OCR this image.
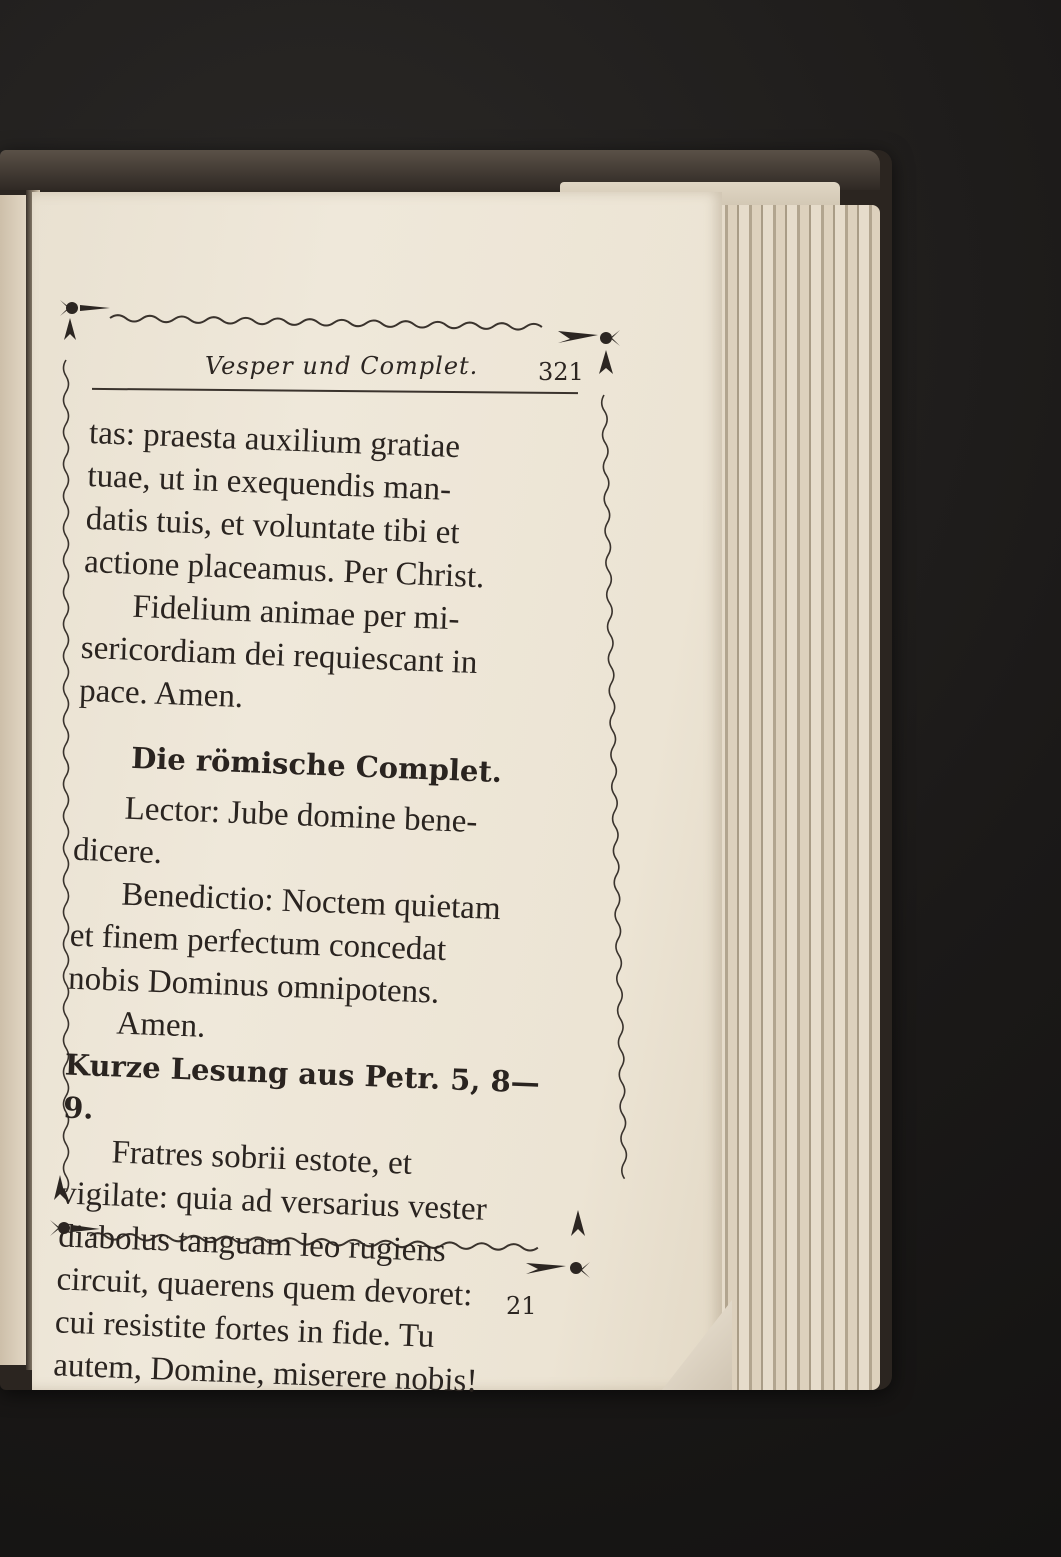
Vesper und Complet. 321

tas: praesta auxilium gratiae

tuae, ut in exequendis man-

datis tuis, et voluntate tibi et

actione placeamus. Per Christ.

Fidelium animae per mi-

sericordiam dei requiescant in

pace. Amen.

Die römische Complet.

Lector: Jube domine bene-

dicere.

Benedictio: Noctem quietam

et finem perfectum concedat

nobis Dominus omnipotens.

Amen.

Kurze Lesung aus Petr. 5, 8—9.

Fratres sobrii estote, et

vigilate: quia ad versarius vester

diabolus tanguam leo rugiens

circuit, quaerens quem devoret:

cui resistite fortes in fide. Tu

autem, Domine, miserere nobis!

21
